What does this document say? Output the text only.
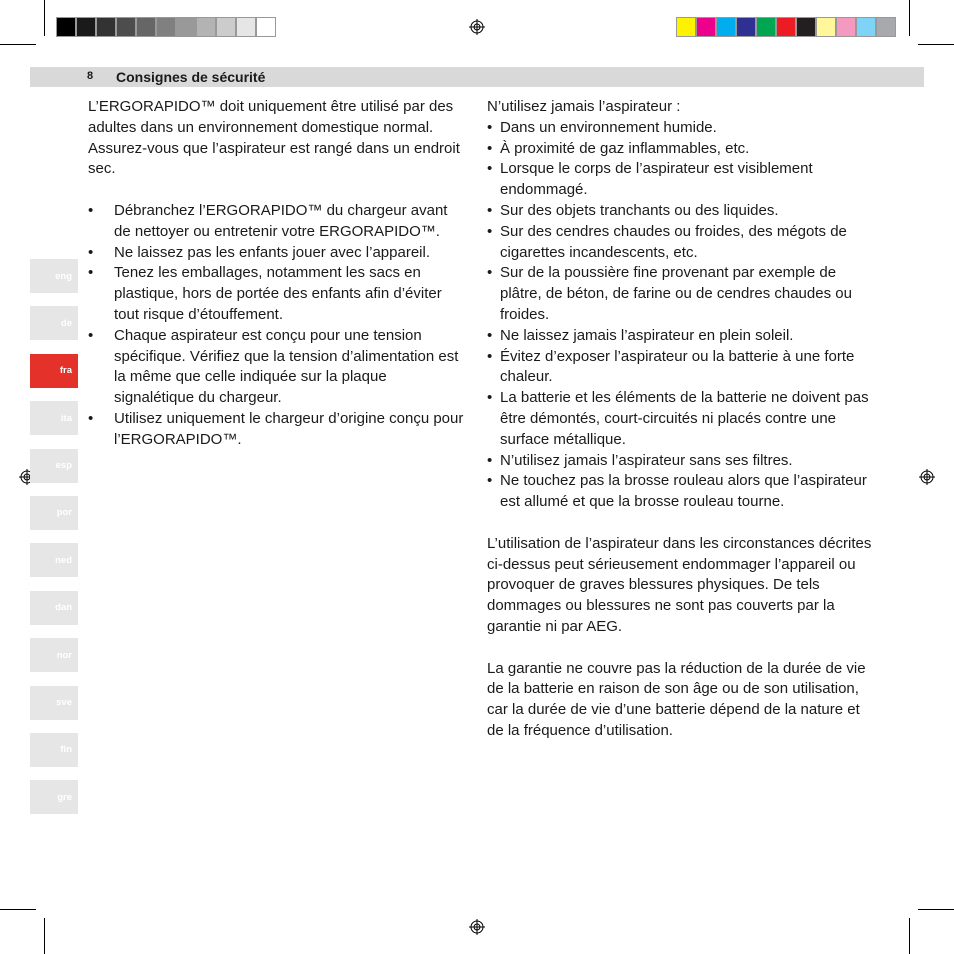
8 Consignes de sécurité
eng
de
fra
ita
esp
por
ned
dan
nor
sve
fin
gre

L’ERGORAPIDO™ doit uniquement être utilisé par des adultes dans un environnement domestique normal. Assurez-vous que l’aspirateur est rangé dans un endroit sec.

• Débranchez l’ERGORAPIDO™ du chargeur avant de nettoyer ou entretenir votre ERGORAPIDO™.
• Ne laissez pas les enfants jouer avec l’appareil.
• Tenez les emballages, notamment les sacs en plastique, hors de portée des enfants afin d’éviter tout risque d’étouffement.
• Chaque aspirateur est conçu pour une tension spécifique. Vérifiez que la tension d’alimentation est la même que celle indiquée sur la plaque signalétique du chargeur.
• Utilisez uniquement le chargeur d’origine conçu pour l’ERGORAPIDO™.

N’utilisez jamais l’aspirateur :

• Dans un environnement humide.
• À proximité de gaz inflammables, etc.
• Lorsque le corps de l’aspirateur est visiblement endommagé.
• Sur des objets tranchants ou des liquides.
• Sur des cendres chaudes ou froides, des mégots de cigarettes incandescents, etc.
• Sur de la poussière fine provenant par exemple de plâtre, de béton, de farine ou de cendres chaudes ou froides.
• Ne laissez jamais l’aspirateur en plein soleil.
• Évitez d’exposer l’aspirateur ou la batterie à une forte chaleur.
• La batterie et les éléments de la batterie ne doivent pas être démontés, court-circuités ni placés contre une surface métallique.
• N’utilisez jamais l’aspirateur sans ses filtres.
• Ne touchez pas la brosse rouleau alors que l’aspirateur est allumé et que la brosse rouleau tourne.

L’utilisation de l’aspirateur dans les circonstances décrites ci-dessus peut sérieusement endommager l’appareil ou provoquer de graves blessures physiques. De tels dommages ou blessures ne sont pas couverts par la garantie ni par AEG.

La garantie ne couvre pas la réduction de la durée de vie de la batterie en raison de son âge ou de son utilisation, car la durée de vie d’une batterie dépend de la nature et de la fréquence d’utilisation.
